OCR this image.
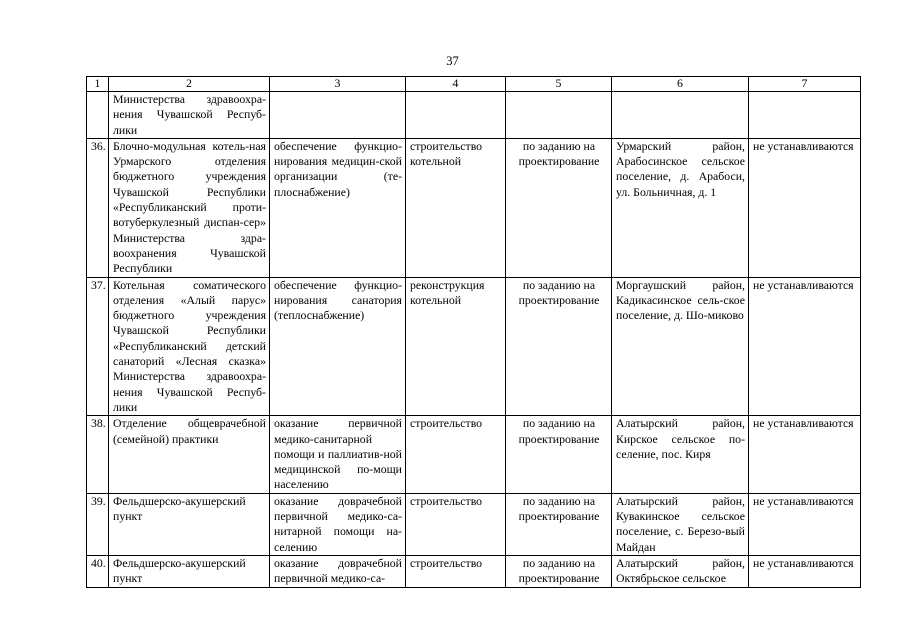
37
1	2	3	4	5	6	7
	Министерства здравоохра-нения Чувашской Респуб-лики					
36.	Блочно-модульная котель-ная Урмарского отделения бюджетного учреждения Чувашской Республики «Республиканский проти-вотуберкулезный диспан-сер» Министерства здра-воохранения Чувашской Республики	обеспечение функцио-нирования медицин-ской организации (те-плоснабжение)	строительство котельной	по заданию на проектирование	Урмарский район, Арабосинское сельское поселение, д. Арабоси, ул. Больничная, д. 1	не устанавливаются
37.	Котельная соматического отделения «Алый парус» бюджетного учреждения Чувашской Республики «Республиканский детский санаторий «Лесная сказка» Министерства здравоохра-нения Чувашской Респуб-лики	обеспечение функцио-нирования санатория (теплоснабжение)	реконструкция котельной	по заданию на проектирование	Моргаушский район, Кадикасинское сель-ское поселение, д. Шо-миково	не устанавливаются
38.	Отделение общеврачебной (семейной) практики	оказание первичной медико-санитарной помощи и паллиатив-ной медицинской по-мощи населению	строительство	по заданию на проектирование	Алатырский район, Кирское сельское по-селение, пос. Киря	не устанавливаются
39.	Фельдшерско-акушерский пункт	оказание доврачебной первичной медико-са-нитарной помощи на-селению	строительство	по заданию на проектирование	Алатырский район, Кувакинское сельское поселение, с. Березо-вый Майдан	не устанавливаются
40.	Фельдшерско-акушерский пункт	оказание доврачебной первичной медико-са-	строительство	по заданию на проектирование	Алатырский район, Октябрьское сельское	не устанавливаются
